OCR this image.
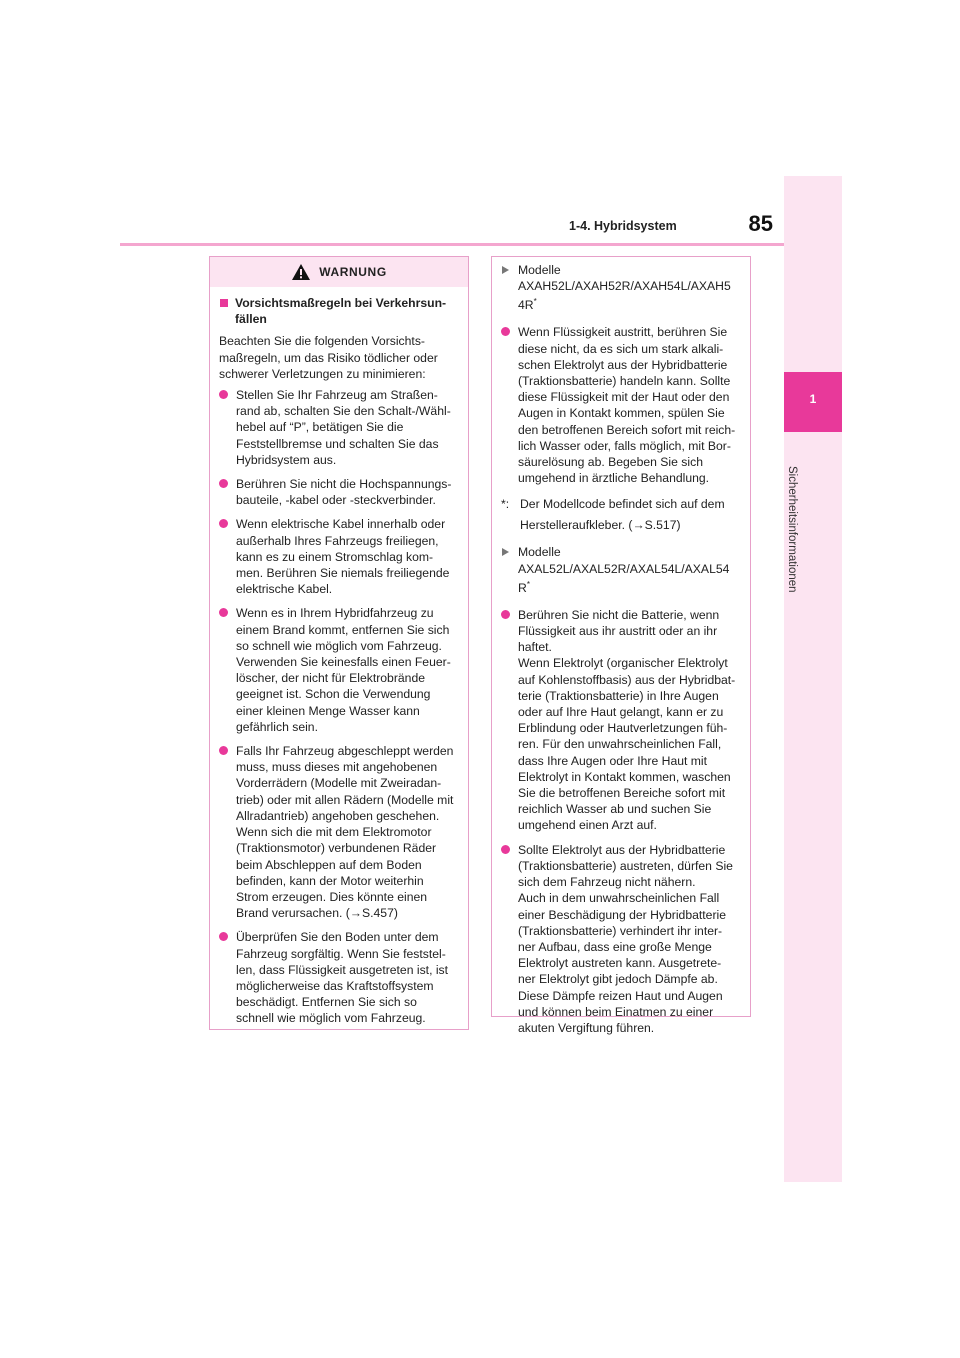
1-4. Hybridsystem	85
1
Sicherheitsinformationen
WARNUNG
Vorsichtsmaßregeln bei Verkehrsun-
fällen
Beachten Sie die folgenden Vorsichts-
maßregeln, um das Risiko tödlicher oder
schwerer Verletzungen zu minimieren:
Stellen Sie Ihr Fahrzeug am Straßen-
rand ab, schalten Sie den Schalt-/Wähl-
hebel auf “P”, betätigen Sie die
Feststellbremse und schalten Sie das
Hybridsystem aus.
Berühren Sie nicht die Hochspannungs-
bauteile, -kabel oder -steckverbinder.
Wenn elektrische Kabel innerhalb oder
außerhalb Ihres Fahrzeugs freiliegen,
kann es zu einem Stromschlag kom-
men. Berühren Sie niemals freiliegende
elektrische Kabel.
Wenn es in Ihrem Hybridfahrzeug zu
einem Brand kommt, entfernen Sie sich
so schnell wie möglich vom Fahrzeug.
Verwenden Sie keinesfalls einen Feuer-
löscher, der nicht für Elektrobrände
geeignet ist. Schon die Verwendung
einer kleinen Menge Wasser kann
gefährlich sein.
Falls Ihr Fahrzeug abgeschleppt werden
muss, muss dieses mit angehobenen
Vorderrädern (Modelle mit Zweiradan-
trieb) oder mit allen Rädern (Modelle mit
Allradantrieb) angehoben geschehen.
Wenn sich die mit dem Elektromotor
(Traktionsmotor) verbundenen Räder
beim Abschleppen auf dem Boden
befinden, kann der Motor weiterhin
Strom erzeugen. Dies könnte einen
Brand verursachen. (→S.457)
Überprüfen Sie den Boden unter dem
Fahrzeug sorgfältig. Wenn Sie feststel-
len, dass Flüssigkeit ausgetreten ist, ist
möglicherweise das Kraftstoffsystem
beschädigt. Entfernen Sie sich so
schnell wie möglich vom Fahrzeug.
Modelle
AXAH52L/AXAH52R/AXAH54L/AXAH5
4R*
Wenn Flüssigkeit austritt, berühren Sie
diese nicht, da es sich um stark alkali-
schen Elektrolyt aus der Hybridbatterie
(Traktionsbatterie) handeln kann. Sollte
diese Flüssigkeit mit der Haut oder den
Augen in Kontakt kommen, spülen Sie
den betroffenen Bereich sofort mit reich-
lich Wasser oder, falls möglich, mit Bor-
säurelösung ab. Begeben Sie sich
umgehend in ärztliche Behandlung.
*: Der Modellcode befindet sich auf dem
Herstelleraufkleber. (→S.517)
Modelle
AXAL52L/AXAL52R/AXAL54L/AXAL54
R*
Berühren Sie nicht die Batterie, wenn
Flüssigkeit aus ihr austritt oder an ihr
haftet.
Wenn Elektrolyt (organischer Elektrolyt
auf Kohlenstoffbasis) aus der Hybridbat-
terie (Traktionsbatterie) in Ihre Augen
oder auf Ihre Haut gelangt, kann er zu
Erblindung oder Hautverletzungen füh-
ren. Für den unwahrscheinlichen Fall,
dass Ihre Augen oder Ihre Haut mit
Elektrolyt in Kontakt kommen, waschen
Sie die betroffenen Bereiche sofort mit
reichlich Wasser ab und suchen Sie
umgehend einen Arzt auf.
Sollte Elektrolyt aus der Hybridbatterie
(Traktionsbatterie) austreten, dürfen Sie
sich dem Fahrzeug nicht nähern.
Auch in dem unwahrscheinlichen Fall
einer Beschädigung der Hybridbatterie
(Traktionsbatterie) verhindert ihr inter-
ner Aufbau, dass eine große Menge
Elektrolyt austreten kann. Ausgetrete-
ner Elektrolyt gibt jedoch Dämpfe ab.
Diese Dämpfe reizen Haut und Augen
und können beim Einatmen zu einer
akuten Vergiftung führen.
